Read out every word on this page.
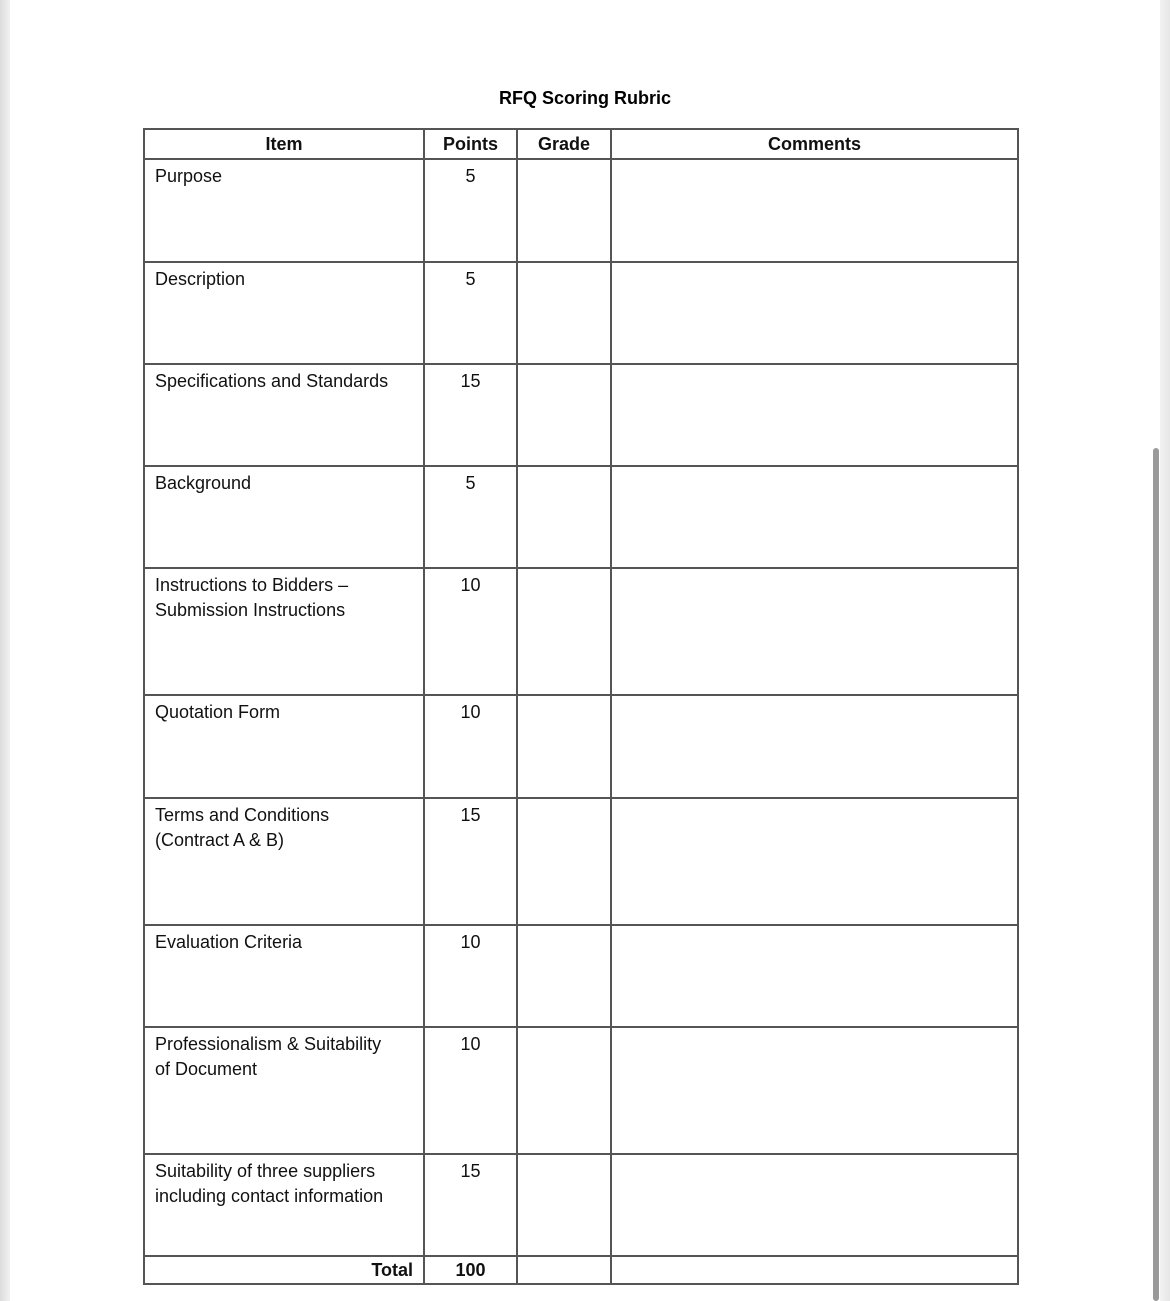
RFQ Scoring Rubric
Item	Points	Grade	Comments
Purpose	5		
Description	5		
Specifications and Standards	15		
Background	5		
Instructions to Bidders –
Submission Instructions	10		
Quotation Form	10		
Terms and Conditions
(Contract A & B)	15		
Evaluation Criteria	10		
Professionalism & Suitability
of Document	10		
Suitability of three suppliers
including contact information	15		
Total	100		
